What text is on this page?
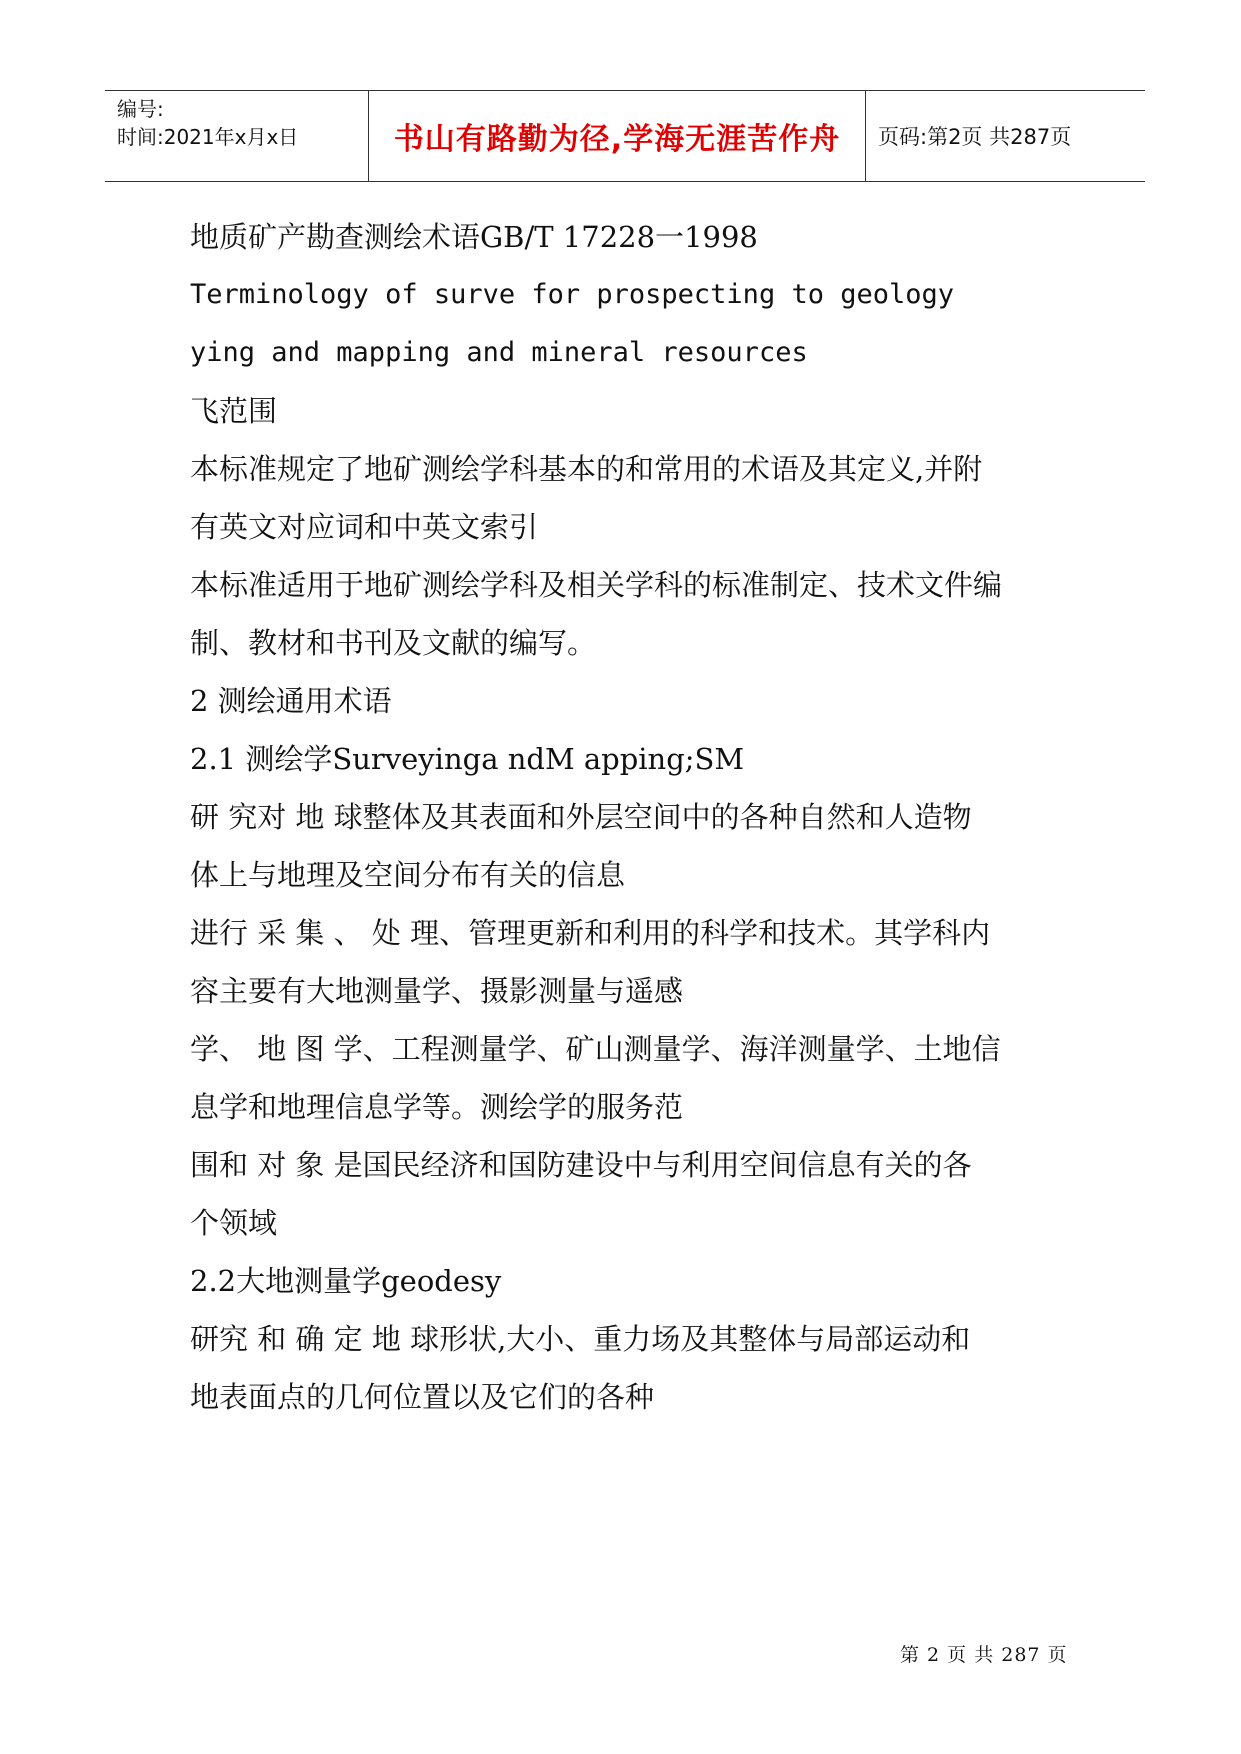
编号:
时间:2021年x月x日	书山有路勤为径,学海无涯苦作舟 页码:第2页 共287页
地质矿产勘查测绘术语GB/T 17228一1998
Terminology of surve for prospecting to geology
ying and mapping and mineral resources
飞范围
本标准规定了地矿测绘学科基本的和常用的术语及其定义,并附
有英文对应词和中英文索引
本标准适用于地矿测绘学科及相关学科的标准制定、技术文件编
制、教材和书刊及文献的编写。
2 测绘通用术语
2.1 测绘学Surveyinga ndM apping;SM
研 究对 地 球整体及其表面和外层空间中的各种自然和人造物
体上与地理及空间分布有关的信息
进行 采 集 、 处 理、管理更新和利用的科学和技术。其学科内
容主要有大地测量学、摄影测量与遥感
学、 地 图 学、工程测量学、矿山测量学、海洋测量学、土地信
息学和地理信息学等。测绘学的服务范
围和 对 象 是国民经济和国防建设中与利用空间信息有关的各
个领域
2.2大地测量学geodesy
研究 和 确 定 地 球形状,大小、重力场及其整体与局部运动和
地表面点的几何位置以及它们的各种
第 2 页 共 287 页
